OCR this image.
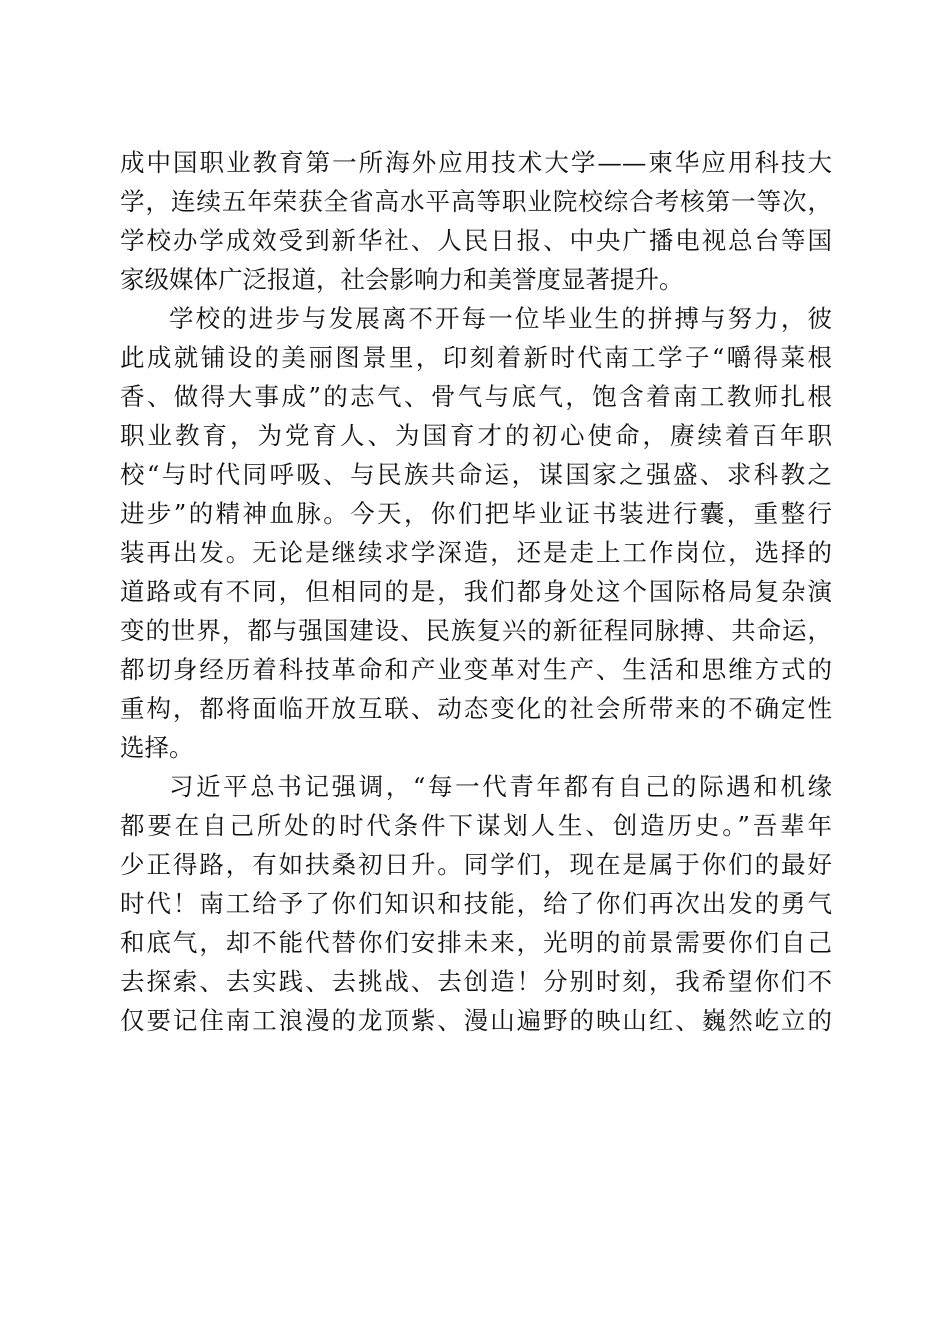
成中国职业教育第一所海外应用技术大学——柬华应用科技大
学，连续五年荣获全省高水平高等职业院校综合考核第一等次，
学校办学成效受到新华社、人民日报、中央广播电视总台等国
家级媒体广泛报道，社会影响力和美誉度显著提升。
学校的进步与发展离不开每一位毕业生的拼搏与努力，彼
此成就铺设的美丽图景里，印刻着新时代南工学子“嚼得菜根
香、做得大事成”的志气、骨气与底气，饱含着南工教师扎根
职业教育，为党育人、为国育才的初心使命，赓续着百年职
校“与时代同呼吸、与民族共命运，谋国家之强盛、求科教之
进步”的精神血脉。今天，你们把毕业证书装进行囊，重整行
装再出发。无论是继续求学深造，还是走上工作岗位，选择的
道路或有不同，但相同的是，我们都身处这个国际格局复杂演
变的世界，都与强国建设、民族复兴的新征程同脉搏、共命运，
都切身经历着科技革命和产业变革对生产、生活和思维方式的
重构，都将面临开放互联、动态变化的社会所带来的不确定性
选择。
习近平总书记强调，“每一代青年都有自己的际遇和机缘
都要在自己所处的时代条件下谋划人生、创造历史。”吾辈年
少正得路，有如扶桑初日升。同学们，现在是属于你们的最好
时代！南工给予了你们知识和技能，给了你们再次出发的勇气
和底气，却不能代替你们安排未来，光明的前景需要你们自己
去探索、去实践、去挑战、去创造！分别时刻，我希望你们不
仅要记住南工浪漫的龙顶紫、漫山遍野的映山红、巍然屹立的
